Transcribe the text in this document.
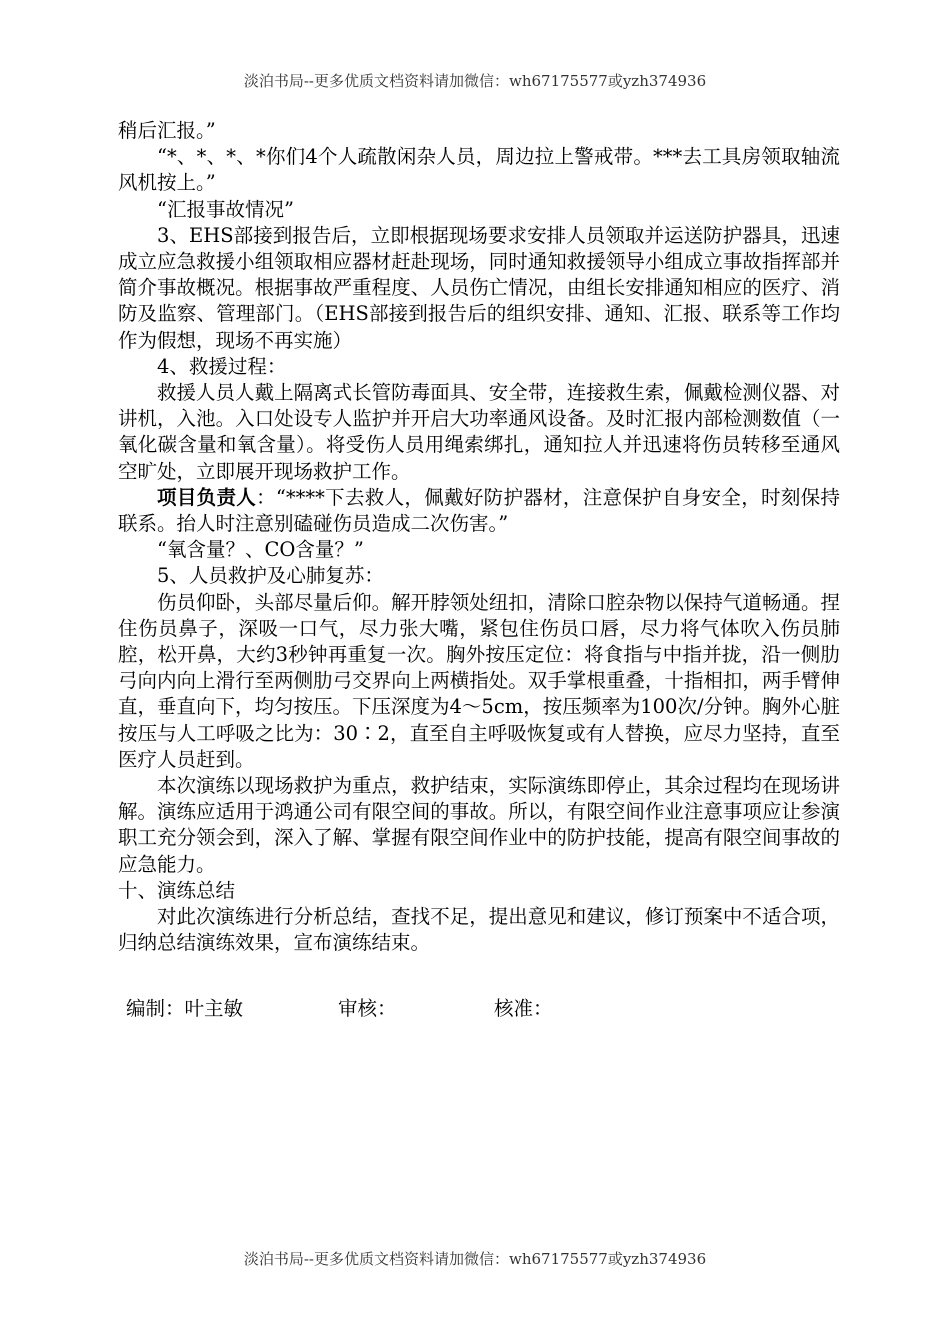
淡泊书局--更多优质文档资料请加微信：wh67175577或yzh374936

稍后汇报。”

“*、*、*、*你们4个人疏散闲杂人员，周边拉上警戒带。***去工具房领取轴流风机按上。”

“汇报事故情况”

3、EHS部接到报告后，立即根据现场要求安排人员领取并运送防护器具，迅速成立应急救援小组领取相应器材赶赴现场，同时通知救援领导小组成立事故指挥部并简介事故概况。根据事故严重程度、人员伤亡情况，由组长安排通知相应的医疗、消防及监察、管理部门。（EHS部接到报告后的组织安排、通知、汇报、联系等工作均作为假想，现场不再实施）

4、救援过程：

救援人员人戴上隔离式长管防毒面具、安全带，连接救生索，佩戴检测仪器、对讲机，入池。入口处设专人监护并开启大功率通风设备。及时汇报内部检测数值（一氧化碳含量和氧含量）。将受伤人员用绳索绑扎，通知拉人并迅速将伤员转移至通风空旷处，立即展开现场救护工作。

项目负责人：“****下去救人，佩戴好防护器材，注意保护自身安全，时刻保持联系。抬人时注意别磕碰伤员造成二次伤害。”

“氧含量？、CO含量？”

5、人员救护及心肺复苏：

伤员仰卧，头部尽量后仰。解开脖领处纽扣，清除口腔杂物以保持气道畅通。捏住伤员鼻子，深吸一口气，尽力张大嘴，紧包住伤员口唇，尽力将气体吹入伤员肺腔，松开鼻，大约3秒钟再重复一次。胸外按压定位：将食指与中指并拢，沿一侧肋弓向内向上滑行至两侧肋弓交界向上两横指处。双手掌根重叠，十指相扣，两手臂伸直，垂直向下，均匀按压。下压深度为4～5cm，按压频率为100次/分钟。胸外心脏按压与人工呼吸之比为：30∶2，直至自主呼吸恢复或有人替换，应尽力坚持，直至医疗人员赶到。

本次演练以现场救护为重点，救护结束，实际演练即停止，其余过程均在现场讲解。演练应适用于鸿通公司有限空间的事故。所以，有限空间作业注意事项应让参演职工充分领会到，深入了解、掌握有限空间作业中的防护技能，提高有限空间事故的应急能力。

十、演练总结

对此次演练进行分析总结，查找不足，提出意见和建议，修订预案中不适合项，归纳总结演练效果，宣布演练结束。

编制：叶主敏	审核：	核准：
淡泊书局--更多优质文档资料请加微信：wh67175577或yzh374936
